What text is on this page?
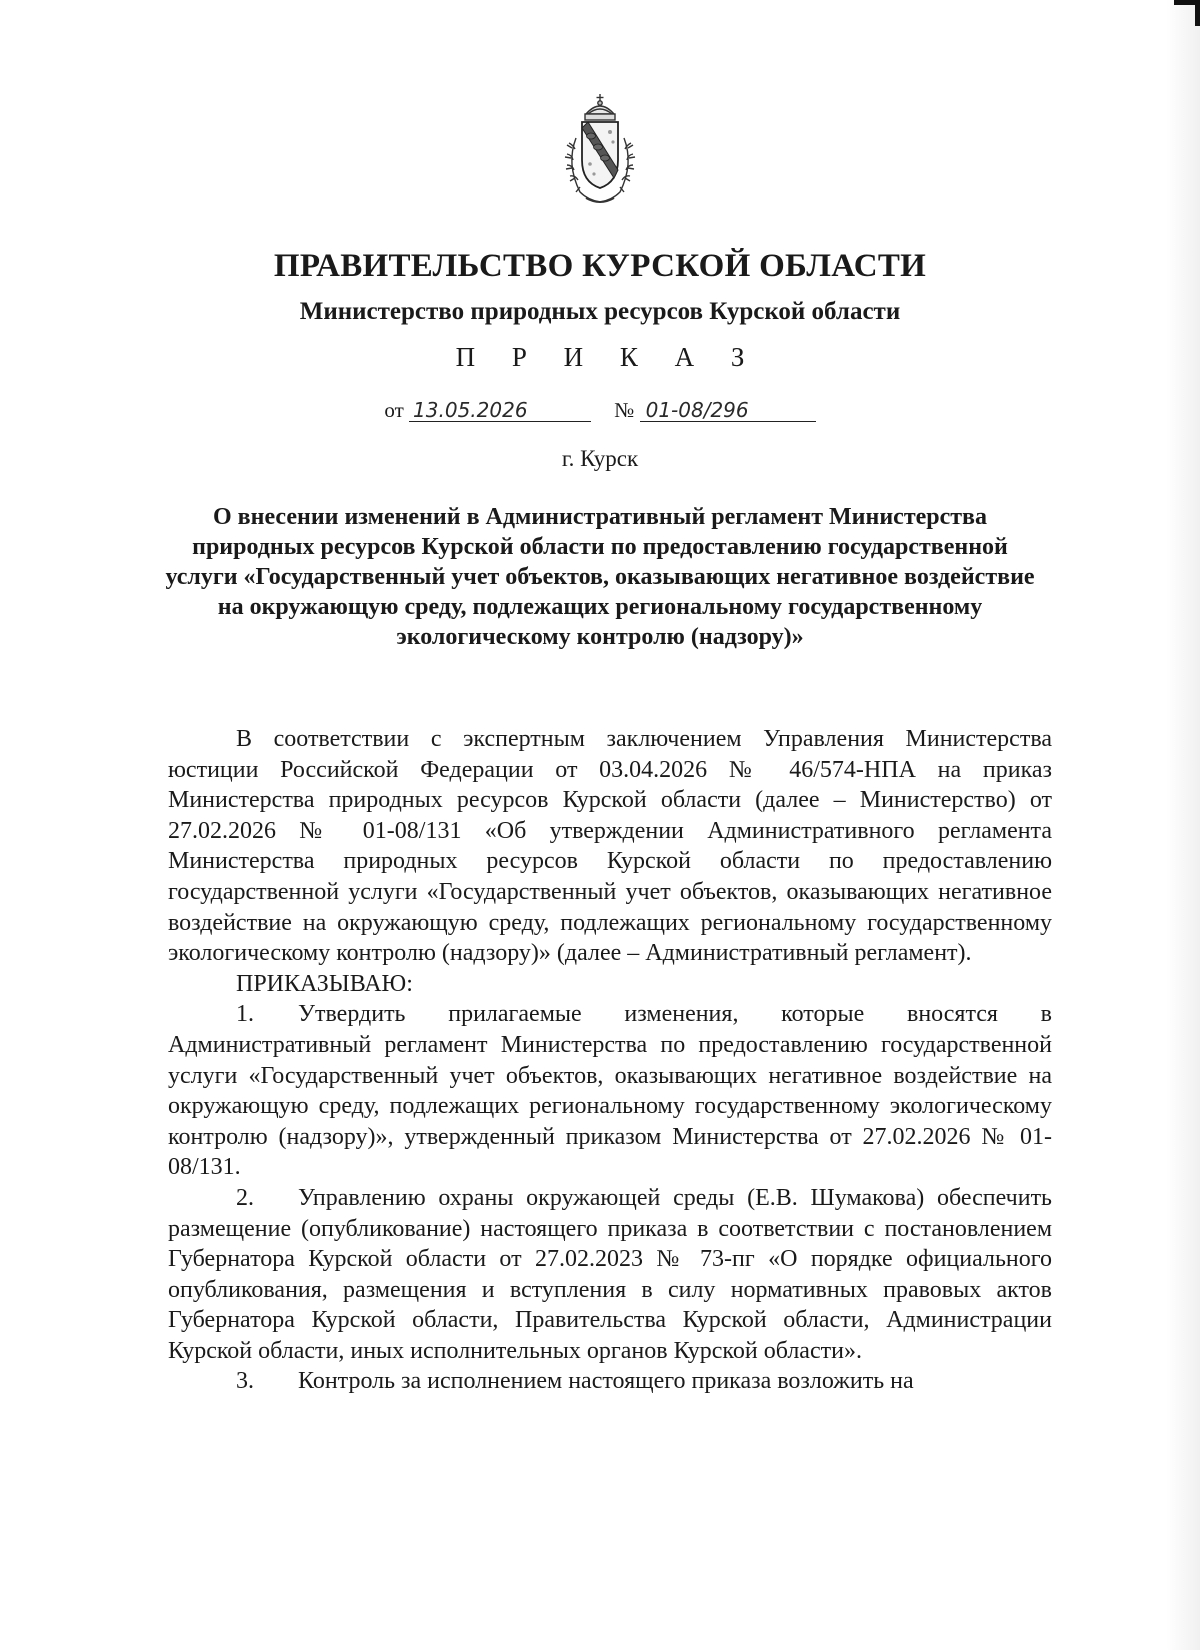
ПРАВИТЕЛЬСТВО КУРСКОЙ ОБЛАСТИ
Министерство природных ресурсов Курской области
П Р И К А З
от 13.05.2026	№ 01-08/296
г. Курск
О внесении изменений в Административный регламент Министерства природных ресурсов Курской области по предоставлению государственной услуги «Государственный учет объектов, оказывающих негативное воздействие на окружающую среду, подлежащих региональному государственному экологическому контролю (надзору)»

В соответствии с экспертным заключением Управления Министерства юстиции Российской Федерации от 03.04.2026 № 46/574-НПА на приказ Министерства природных ресурсов Курской области (далее – Министерство) от 27.02.2026 № 01-08/131 «Об утверждении Административного регламента Министерства природных ресурсов Курской области по предоставлению государственной услуги «Государственный учет объектов, оказывающих негативное воздействие на окружающую среду, подлежащих региональному государственному экологическому контролю (надзору)» (далее – Административный регламент).

ПРИКАЗЫВАЮ:

1. Утвердить прилагаемые изменения, которые вносятся в Административный регламент Министерства по предоставлению государственной услуги «Государственный учет объектов, оказывающих негативное воздействие на окружающую среду, подлежащих региональному государственному экологическому контролю (надзору)», утвержденный приказом Министерства от 27.02.2026 № 01-08/131.

2. Управлению охраны окружающей среды (Е.В. Шумакова) обеспечить размещение (опубликование) настоящего приказа в соответствии с постановлением Губернатора Курской области от 27.02.2023 № 73-пг «О порядке официального опубликования, размещения и вступления в силу нормативных правовых актов Губернатора Курской области, Правительства Курской области, Администрации Курской области, иных исполнительных органов Курской области».

3. Контроль за исполнением настоящего приказа возложить на
